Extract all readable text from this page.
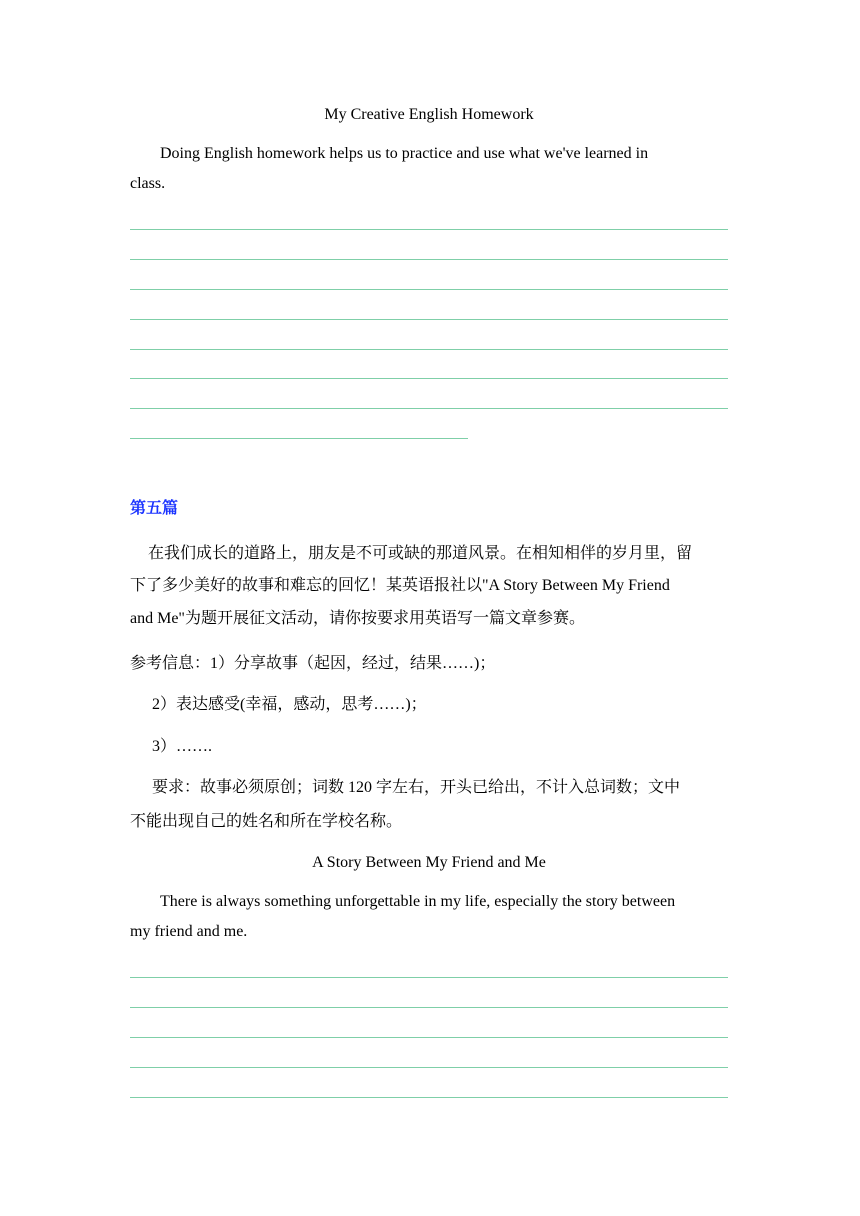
My Creative English Homework

Doing English homework helps us to practice and use what we've learned in

class.

第五篇

在我们成长的道路上，朋友是不可或缺的那道风景。在相知相伴的岁月里，留

下了多少美好的故事和难忘的回忆！某英语报社以"A Story Between My Friend

and Me"为题开展征文活动，请你按要求用英语写一篇文章参赛。

参考信息：1）分享故事（起因，经过，结果……)；

2）表达感受(幸福，感动，思考……)；

3）…….

要求：故事必须原创；词数 120 字左右，开头已给出，不计入总词数；文中

不能出现自己的姓名和所在学校名称。

A Story Between My Friend and Me

There is always something unforgettable in my life, especially the story between

my friend and me.
